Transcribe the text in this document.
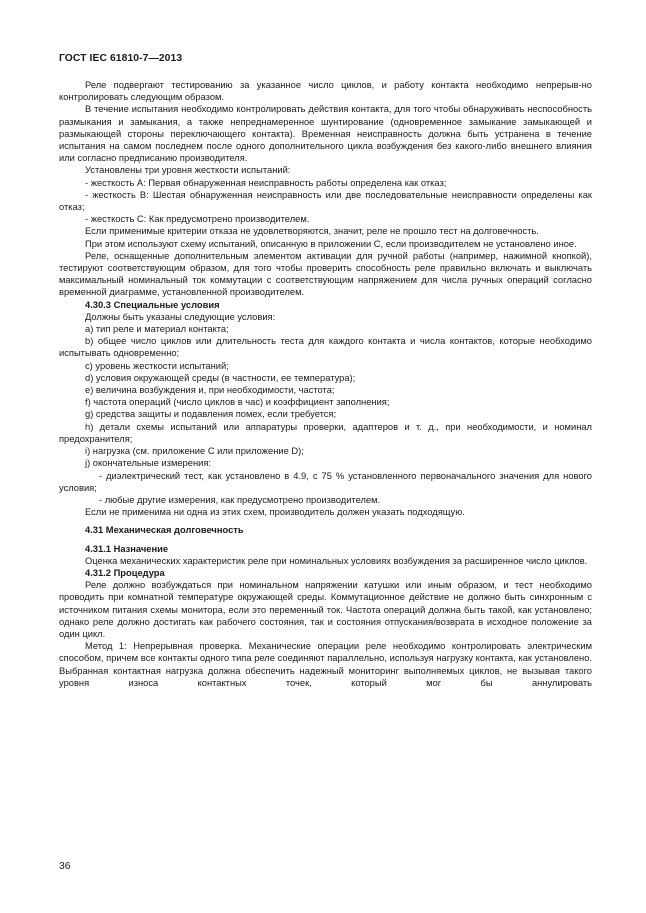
ГОСТ IEC 61810-7—2013

Реле подвергают тестированию за указанное число циклов, и работу контакта необходимо непрерыв-но контролировать следующим образом.

В течение испытания необходимо контролировать действия контакта, для того чтобы обнаруживать неспособность размыкания и замыкания, а также непреднамеренное шунтирование (одновременное замыкание замыкающей и размыкающей стороны переключающего контакта). Временная неисправность должна быть устранена в течение испытания на самом последнем после одного дополнительного цикла возбуждения без какого-либо внешнего влияния или согласно предписанию производителя.

Установлены три уровня жесткости испытаний:

- жесткость А: Первая обнаруженная неисправность работы определена как отказ;

- жесткость В: Шестая обнаруженная неисправность или две последовательные неисправности определены как отказ;

- жесткость С: Как предусмотрено производителем.

Если применимые критерии отказа не удовлетворяются, значит, реле не прошло тест на долговечность.

При этом используют схему испытаний, описанную в приложении С, если производителем не установлено иное.

Реле, оснащенные дополнительным элементом активации для ручной работы (например, нажимной кнопкой), тестируют соответствующим образом, для того чтобы проверить способность реле правильно включать и выключать максимальный номинальный ток коммутации с соответствующим напряжением для числа ручных операций согласно временной диаграмме, установленной производителем.

4.30.3 Специальные условия

Должны быть указаны следующие условия:

а) тип реле и материал контакта;

b) общее число циклов или длительность теста для каждого контакта и числа контактов, которые необходимо испытывать одновременно;

с) уровень жесткости испытаний;

d) условия окружающей среды (в частности, ее температура);

е) величина возбуждения и, при необходимости, частота;

f) частота операций (число циклов в час) и коэффициент заполнения;

g) средства защиты и подавления помех, если требуется;

h) детали схемы испытаний или аппаратуры проверки, адаптеров и т. д., при необходимости, и номинал предохранителя;

i) нагрузка (см. приложение С или приложение D);

j) окончательные измерения:

- диэлектрический тест, как установлено в 4.9, с 75 % установленного первоначального значения для нового условия;

- любые другие измерения, как предусмотрено производителем.

Если не применима ни одна из этих схем, производитель должен указать подходящую.

4.31 Механическая долговечность

4.31.1 Назначение

Оценка механических характеристик реле при номинальных условиях возбуждения за расширенное число циклов.

4.31.2 Процедура

Реле должно возбуждаться при номинальном напряжении катушки или иным образом, и тест необходимо проводить при комнатной температуре окружающей среды. Коммутационное действие не должно быть синхронным с источником питания схемы монитора, если это переменный ток. Частота операций должна быть такой, как установлено; однако реле должно достигать как рабочего состояния, так и состояния отпускания/возврата в исходное положение за один цикл.

Метод 1: Непрерывная проверка. Механические операции реле необходимо контролировать электрическим способом, причем все контакты одного типа реле соединяют параллельно, используя нагрузку контакта, как установлено. Выбранная контактная нагрузка должна обеспечить надежный мониторинг выполняемых циклов, не вызывая такого уровня износа контактных точек, который мог бы аннулировать

36
